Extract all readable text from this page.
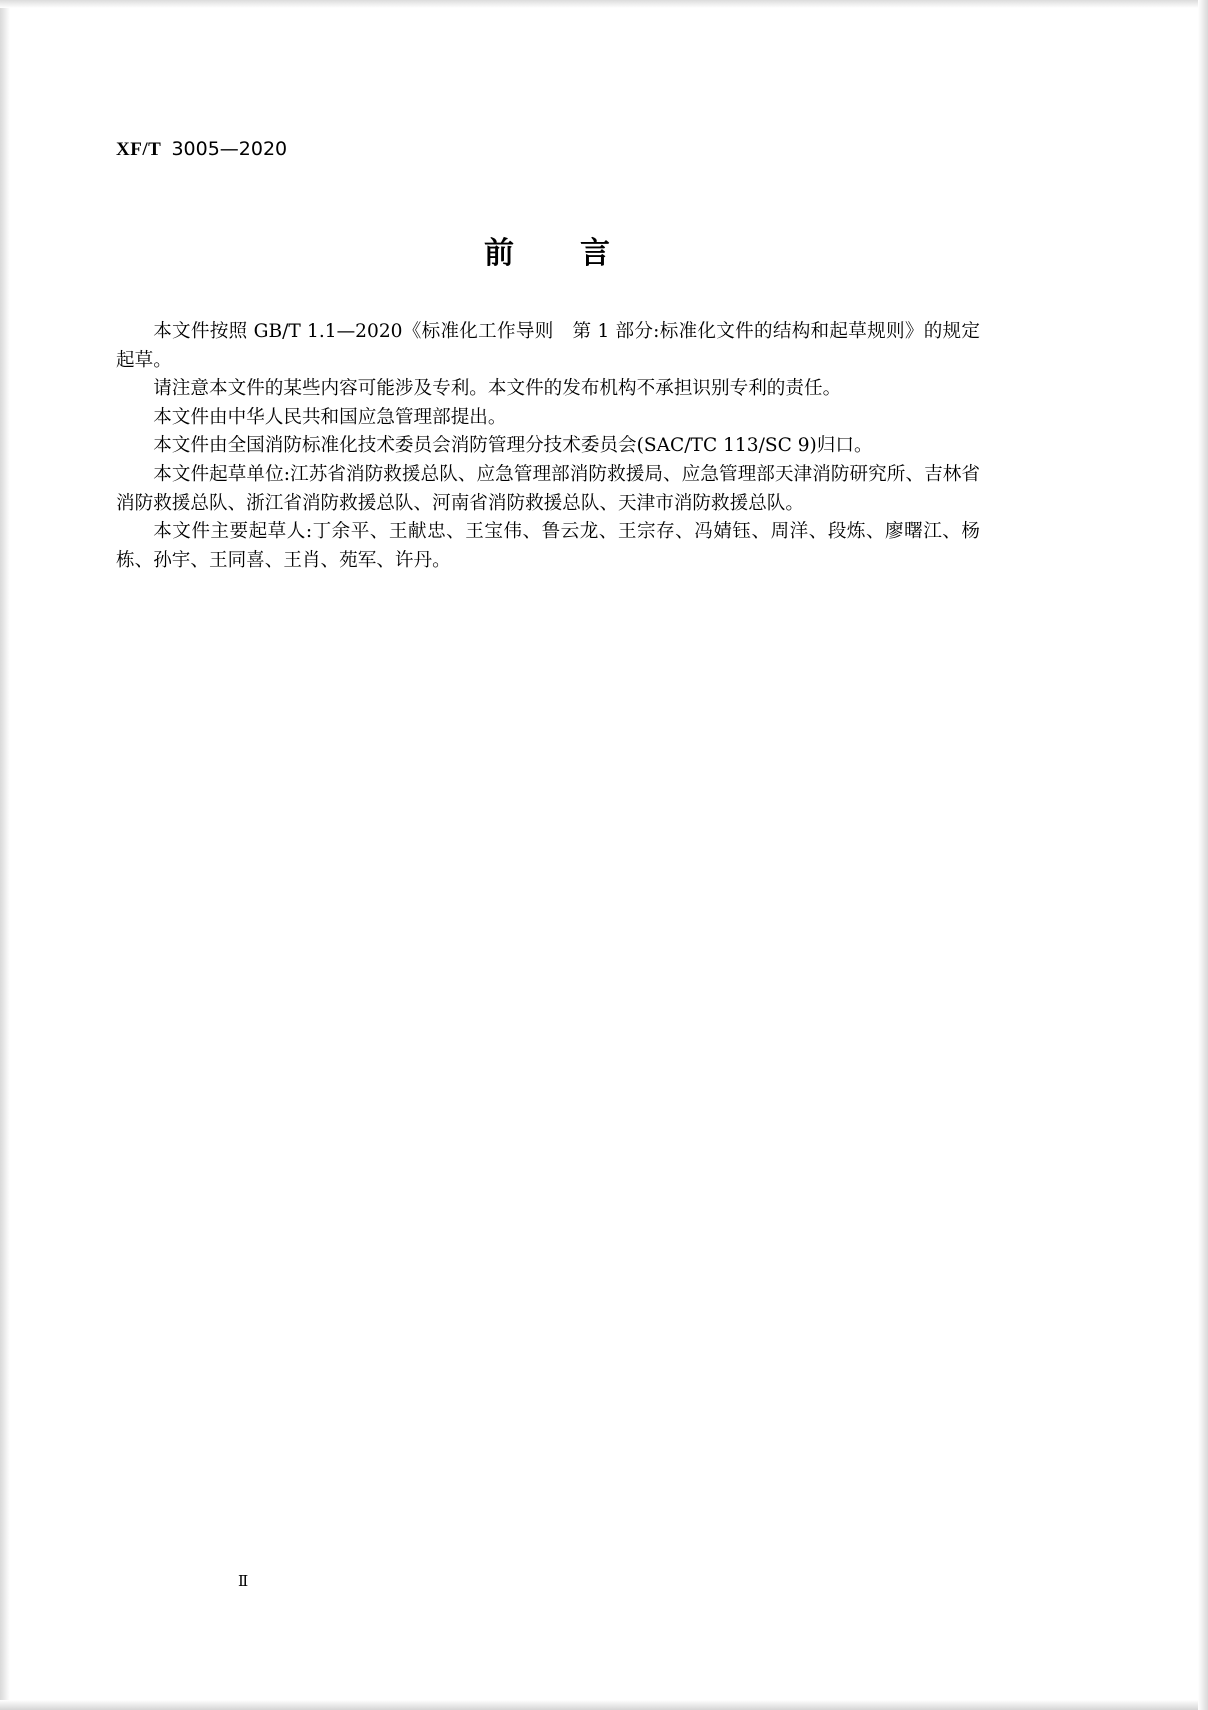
XF/T  3005—2020
前　　言

本文件按照 GB/T 1.1—2020《标准化工作导则　第 1 部分:标准化文件的结构和起草规则》的规定起草。

请注意本文件的某些内容可能涉及专利。本文件的发布机构不承担识别专利的责任。

本文件由中华人民共和国应急管理部提出。

本文件由全国消防标准化技术委员会消防管理分技术委员会(SAC/TC 113/SC 9)归口。

本文件起草单位:江苏省消防救援总队、应急管理部消防救援局、应急管理部天津消防研究所、吉林省消防救援总队、浙江省消防救援总队、河南省消防救援总队、天津市消防救援总队。

本文件主要起草人:丁余平、王献忠、王宝伟、鲁云龙、王宗存、冯婧钰、周洋、段炼、廖曙江、杨栋、孙宇、王同喜、王肖、苑军、许丹。

Ⅱ
